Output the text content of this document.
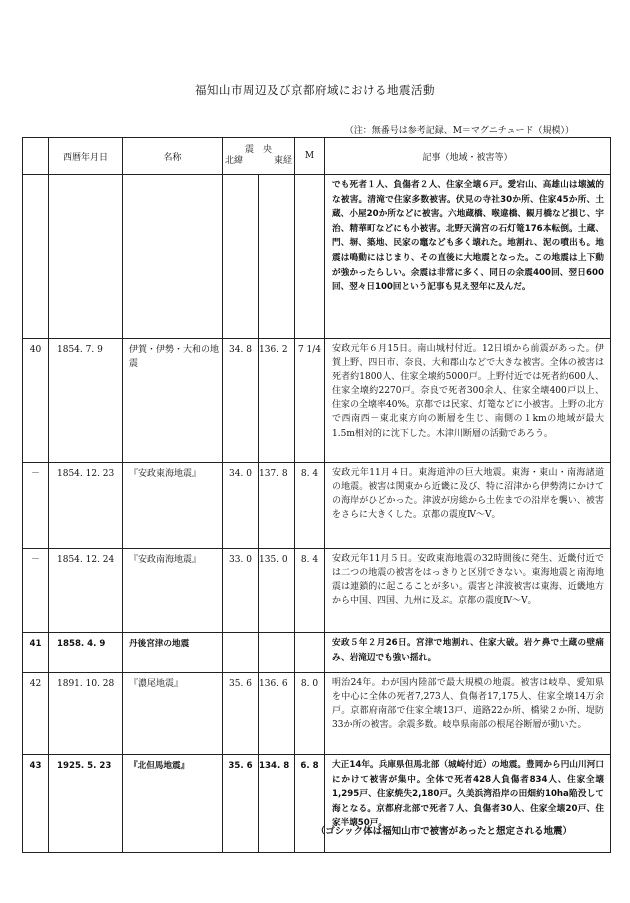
福知山市周辺及び京都府域における地震活動
（注：無番号は参考記録、M＝マグニチュード（規模））
	西暦年月日	名称	震　央
北緯 東経		M	記事（地域・被害等）
						でも死者１人、負傷者２人、住家全壊６戸。愛宕山、高雄山は壊滅的な被害。清滝で住家多数被害。伏見の寺社30か所、住家45か所、土蔵、小屋20か所などに被害。六地蔵橋、喉違橋、観月橋など損じ、宇治、精華町などにも小被害。北野天満宮の石灯篭176本転倒。土蔵、門、塀、築地、民家の竈なども多く壊れた。地割れ、泥の噴出も。地震は鳴動にはじまり、その直後に大地震となった。この地震は上下動が強かったらしい。余震は非常に多く、同日の余震400回、翌日600回、翌々日100回という記事も見え翌年に及んだ。
40	1854. 7. 9	伊賀・伊勢・大和の地震	34. 8	136. 2	7 1/4	安政元年６月15日。南山城村付近。12日頃から前震があった。伊賀上野、四日市、奈良、大和郡山などで大きな被害。全体の被害は死者約1800人、住家全壊約5000戸。上野付近では死者約600人、住家全壊約2270戸。奈良で死者300余人、住家全壊400戸以上、住家の全壊率40%。京都では民家、灯篭などに小被害。上野の北方で西南西－東北東方向の断層を生じ、南側の１kmの地域が最大1.5m相対的に沈下した。木津川断層の活動であろう。
－	1854. 12. 23	『安政東海地震』	34. 0	137. 8	8. 4	安政元年11月４日。東海道沖の巨大地震。東海・東山・南海諸道の地震。被害は関東から近畿に及び、特に沼津から伊勢湾にかけての海岸がひどかった。津波が房総から土佐までの沿岸を襲い、被害をさらに大きくした。京都の震度Ⅳ～Ⅴ。
－	1854. 12. 24	『安政南海地震』	33. 0	135. 0	8. 4	安政元年11月５日。安政東海地震の32時間後に発生、近畿付近では二つの地震の被害をはっきりと区別できない。東海地震と南海地震は連鎖的に起こることが多い。震害と津波被害は東海、近畿地方から中国、四国、九州に及ぶ。京都の震度Ⅳ～Ⅴ。
41	1858. 4. 9	丹後宮津の地震				安政５年２月26日。宮津で地割れ、住家大破。岩ケ鼻で土蔵の壁痛み、岩滝辺でも強い揺れ。
42	1891. 10. 28	『濃尾地震』	35. 6	136. 6	8. 0	明治24年。わが国内陸部で最大規模の地震。被害は岐阜、愛知県を中心に全体の死者7,273人、負傷者17,175人、住家全壊14万余戸。京都府南部で住家全壊13戸、道路22か所、橋梁２か所、堤防33か所の被害。余震多数。岐阜県南部の根尾谷断層が動いた。
43	1925. 5. 23	『北但馬地震』	35. 6	134. 8	6. 8	大正14年。兵庫県但馬北部（城崎付近）の地震。豊岡から円山川河口にかけて被害が集中。全体で死者428人負傷者834人、住家全壊1,295戸、住家焼失2,180戸。久美浜湾沿岸の田畑約10ha陥没して海となる。京都府北部で死者７人、負傷者30人、住家全壊20戸、住家半壊50戸。
（ゴシック体は福知山市で被害があったと想定される地震）
